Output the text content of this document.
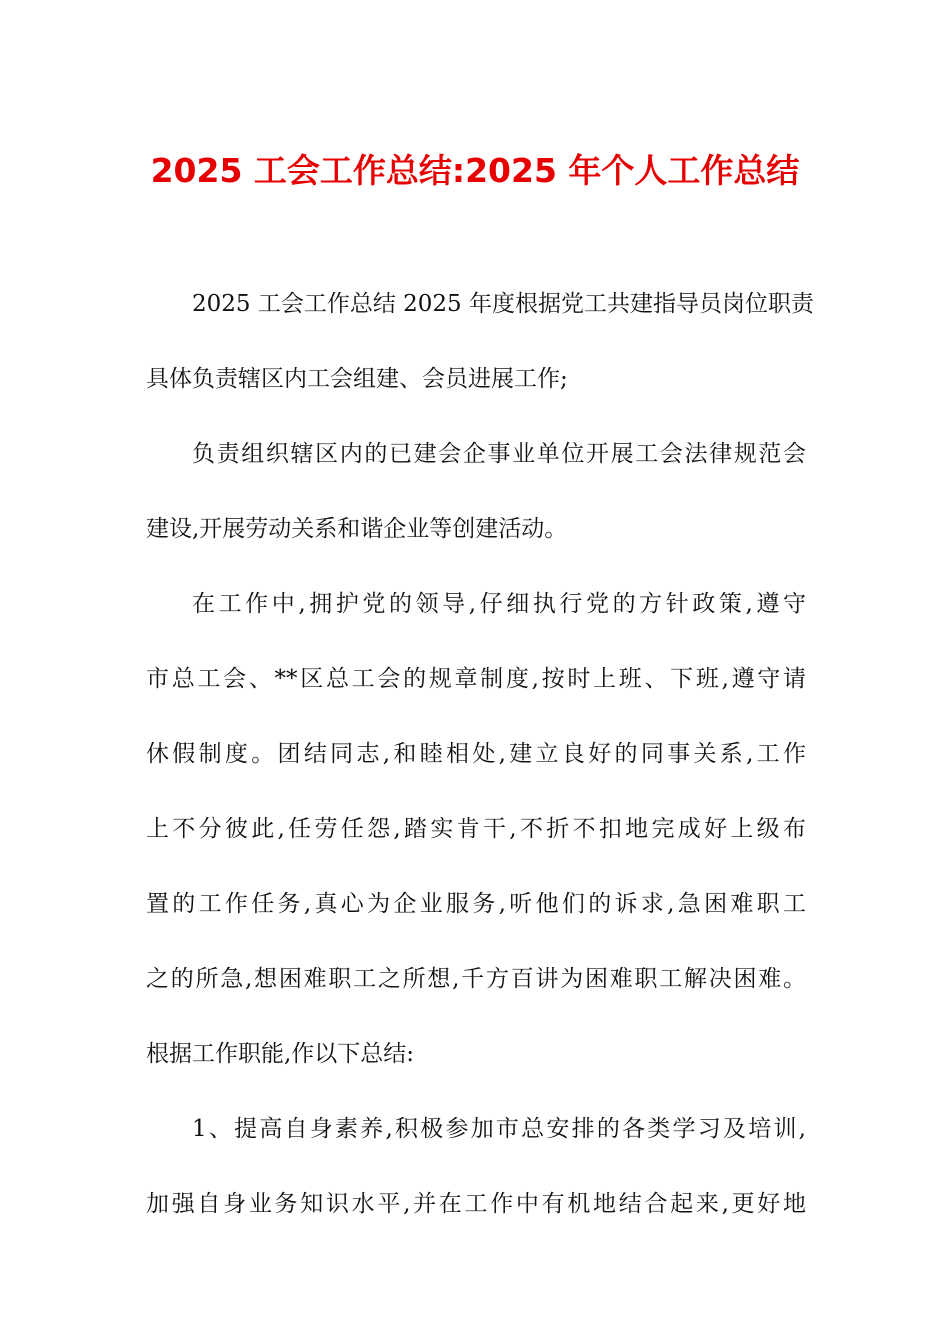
2025 工会工作总结:2025 年个人工作总结
2025 工会工作总结 2025 年度根据党工共建指导员岗位职责
具体负责辖区内工会组建、会员进展工作;
负责组织辖区内的已建会企事业单位开展工会法律规范会
建设,开展劳动关系和谐企业等创建活动。
在工作中,拥护党的领导,仔细执行党的方针政策,遵守
市总工会、**区总工会的规章制度,按时上班、下班,遵守请
休假制度。团结同志,和睦相处,建立良好的同事关系,工作
上不分彼此,任劳任怨,踏实肯干,不折不扣地完成好上级布
置的工作任务,真心为企业服务,听他们的诉求,急困难职工
之的所急,想困难职工之所想,千方百讲为困难职工解决困难。
根据工作职能,作以下总结:
1、提高自身素养,积极参加市总安排的各类学习及培训,
加强自身业务知识水平,并在工作中有机地结合起来,更好地
